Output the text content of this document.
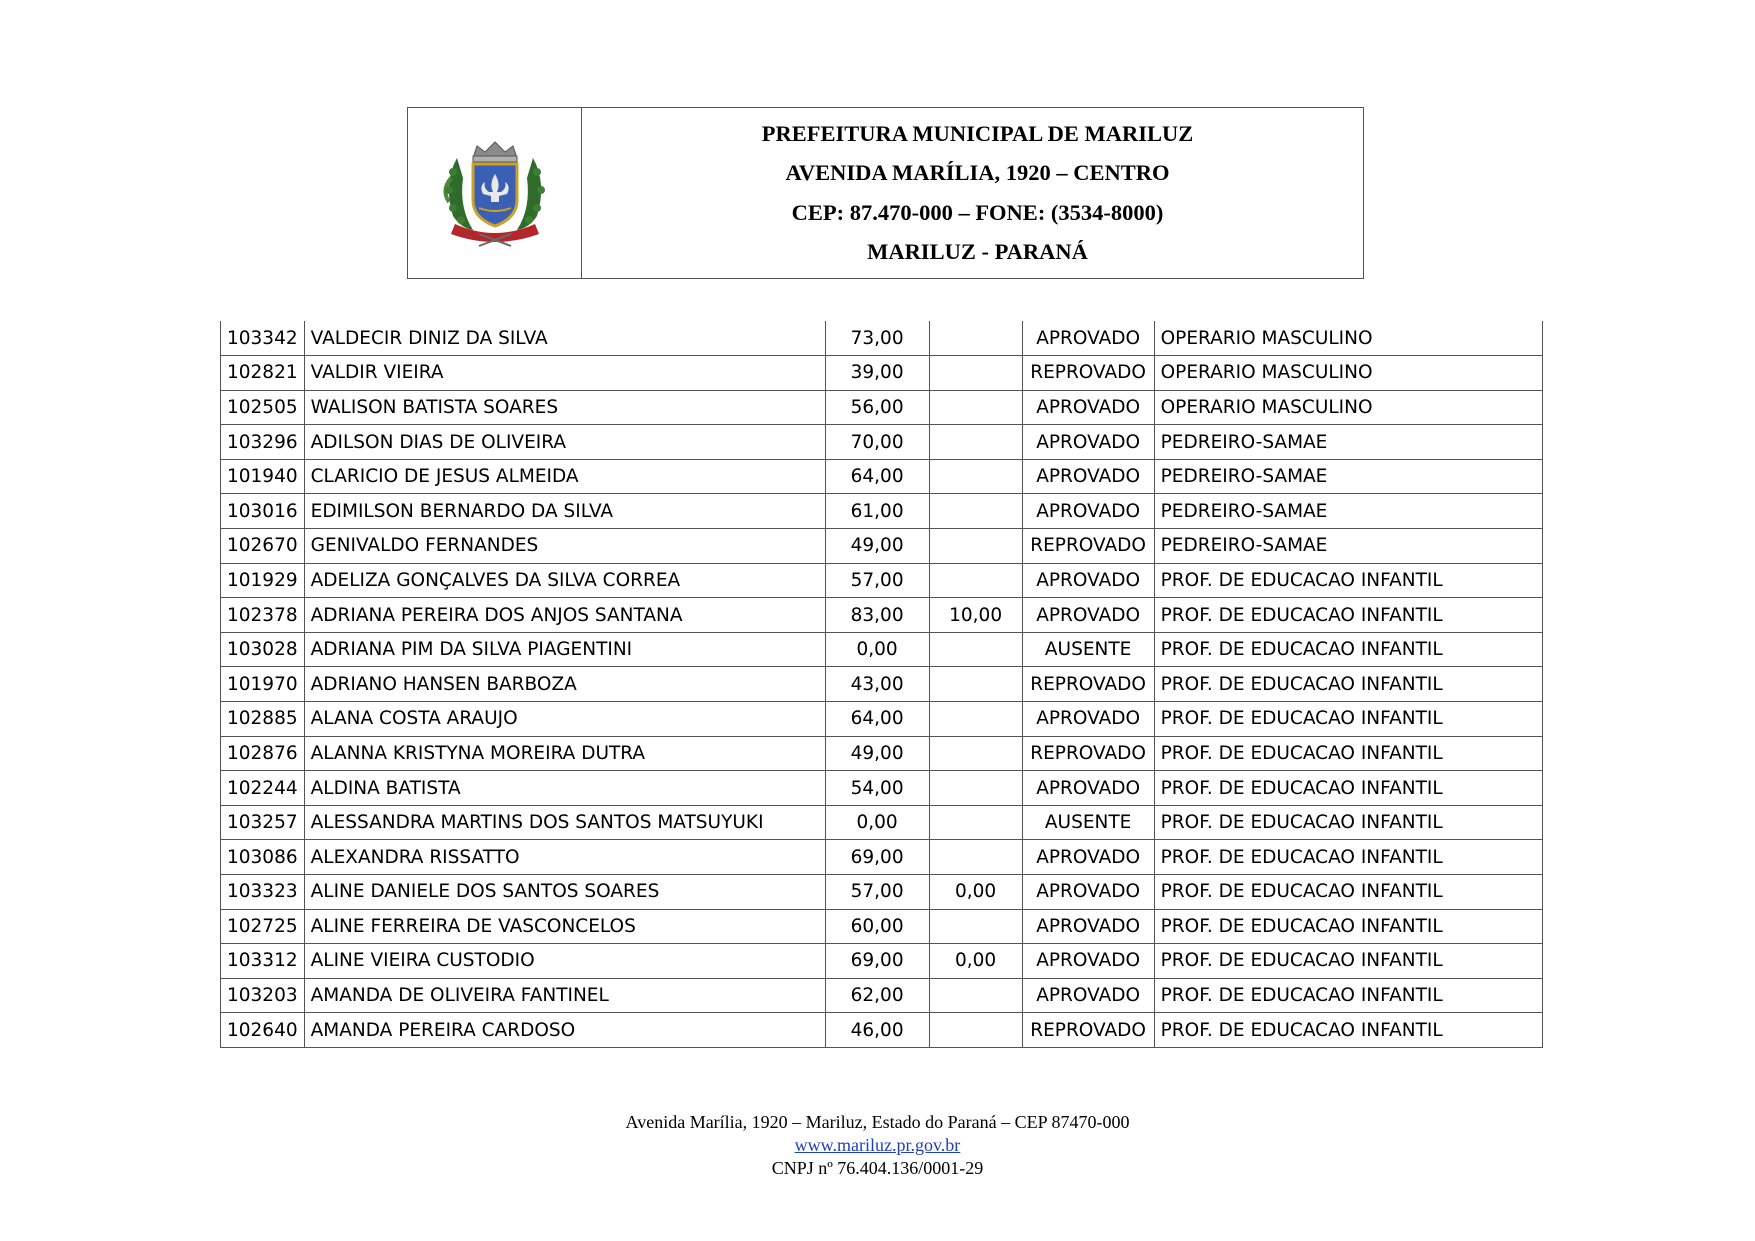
PREFEITURA MUNICIPAL DE MARILUZ
AVENIDA MARÍLIA, 1920 – CENTRO
CEP: 87.470-000 – FONE: (3534-8000)
MARILUZ - PARANÁ
103342	VALDECIR DINIZ DA SILVA	73,00		APROVADO	OPERARIO MASCULINO
102821	VALDIR VIEIRA	39,00		REPROVADO	OPERARIO MASCULINO
102505	WALISON BATISTA SOARES	56,00		APROVADO	OPERARIO MASCULINO
103296	ADILSON DIAS DE OLIVEIRA	70,00		APROVADO	PEDREIRO-SAMAE
101940	CLARICIO DE JESUS ALMEIDA	64,00		APROVADO	PEDREIRO-SAMAE
103016	EDIMILSON BERNARDO DA SILVA	61,00		APROVADO	PEDREIRO-SAMAE
102670	GENIVALDO FERNANDES	49,00		REPROVADO	PEDREIRO-SAMAE
101929	ADELIZA GONÇALVES DA SILVA CORREA	57,00		APROVADO	PROF. DE EDUCACAO INFANTIL
102378	ADRIANA PEREIRA DOS ANJOS SANTANA	83,00	10,00	APROVADO	PROF. DE EDUCACAO INFANTIL
103028	ADRIANA PIM DA SILVA PIAGENTINI	0,00		AUSENTE	PROF. DE EDUCACAO INFANTIL
101970	ADRIANO HANSEN BARBOZA	43,00		REPROVADO	PROF. DE EDUCACAO INFANTIL
102885	ALANA COSTA ARAUJO	64,00		APROVADO	PROF. DE EDUCACAO INFANTIL
102876	ALANNA KRISTYNA MOREIRA DUTRA	49,00		REPROVADO	PROF. DE EDUCACAO INFANTIL
102244	ALDINA BATISTA	54,00		APROVADO	PROF. DE EDUCACAO INFANTIL
103257	ALESSANDRA MARTINS DOS SANTOS MATSUYUKI	0,00		AUSENTE	PROF. DE EDUCACAO INFANTIL
103086	ALEXANDRA RISSATTO	69,00		APROVADO	PROF. DE EDUCACAO INFANTIL
103323	ALINE DANIELE DOS SANTOS SOARES	57,00	0,00	APROVADO	PROF. DE EDUCACAO INFANTIL
102725	ALINE FERREIRA DE VASCONCELOS	60,00		APROVADO	PROF. DE EDUCACAO INFANTIL
103312	ALINE VIEIRA CUSTODIO	69,00	0,00	APROVADO	PROF. DE EDUCACAO INFANTIL
103203	AMANDA DE OLIVEIRA FANTINEL	62,00		APROVADO	PROF. DE EDUCACAO INFANTIL
102640	AMANDA PEREIRA CARDOSO	46,00		REPROVADO	PROF. DE EDUCACAO INFANTIL
Avenida Marília, 1920 – Mariluz, Estado do Paraná – CEP 87470-000
www.mariluz.pr.gov.br
CNPJ nº 76.404.136/0001-29
